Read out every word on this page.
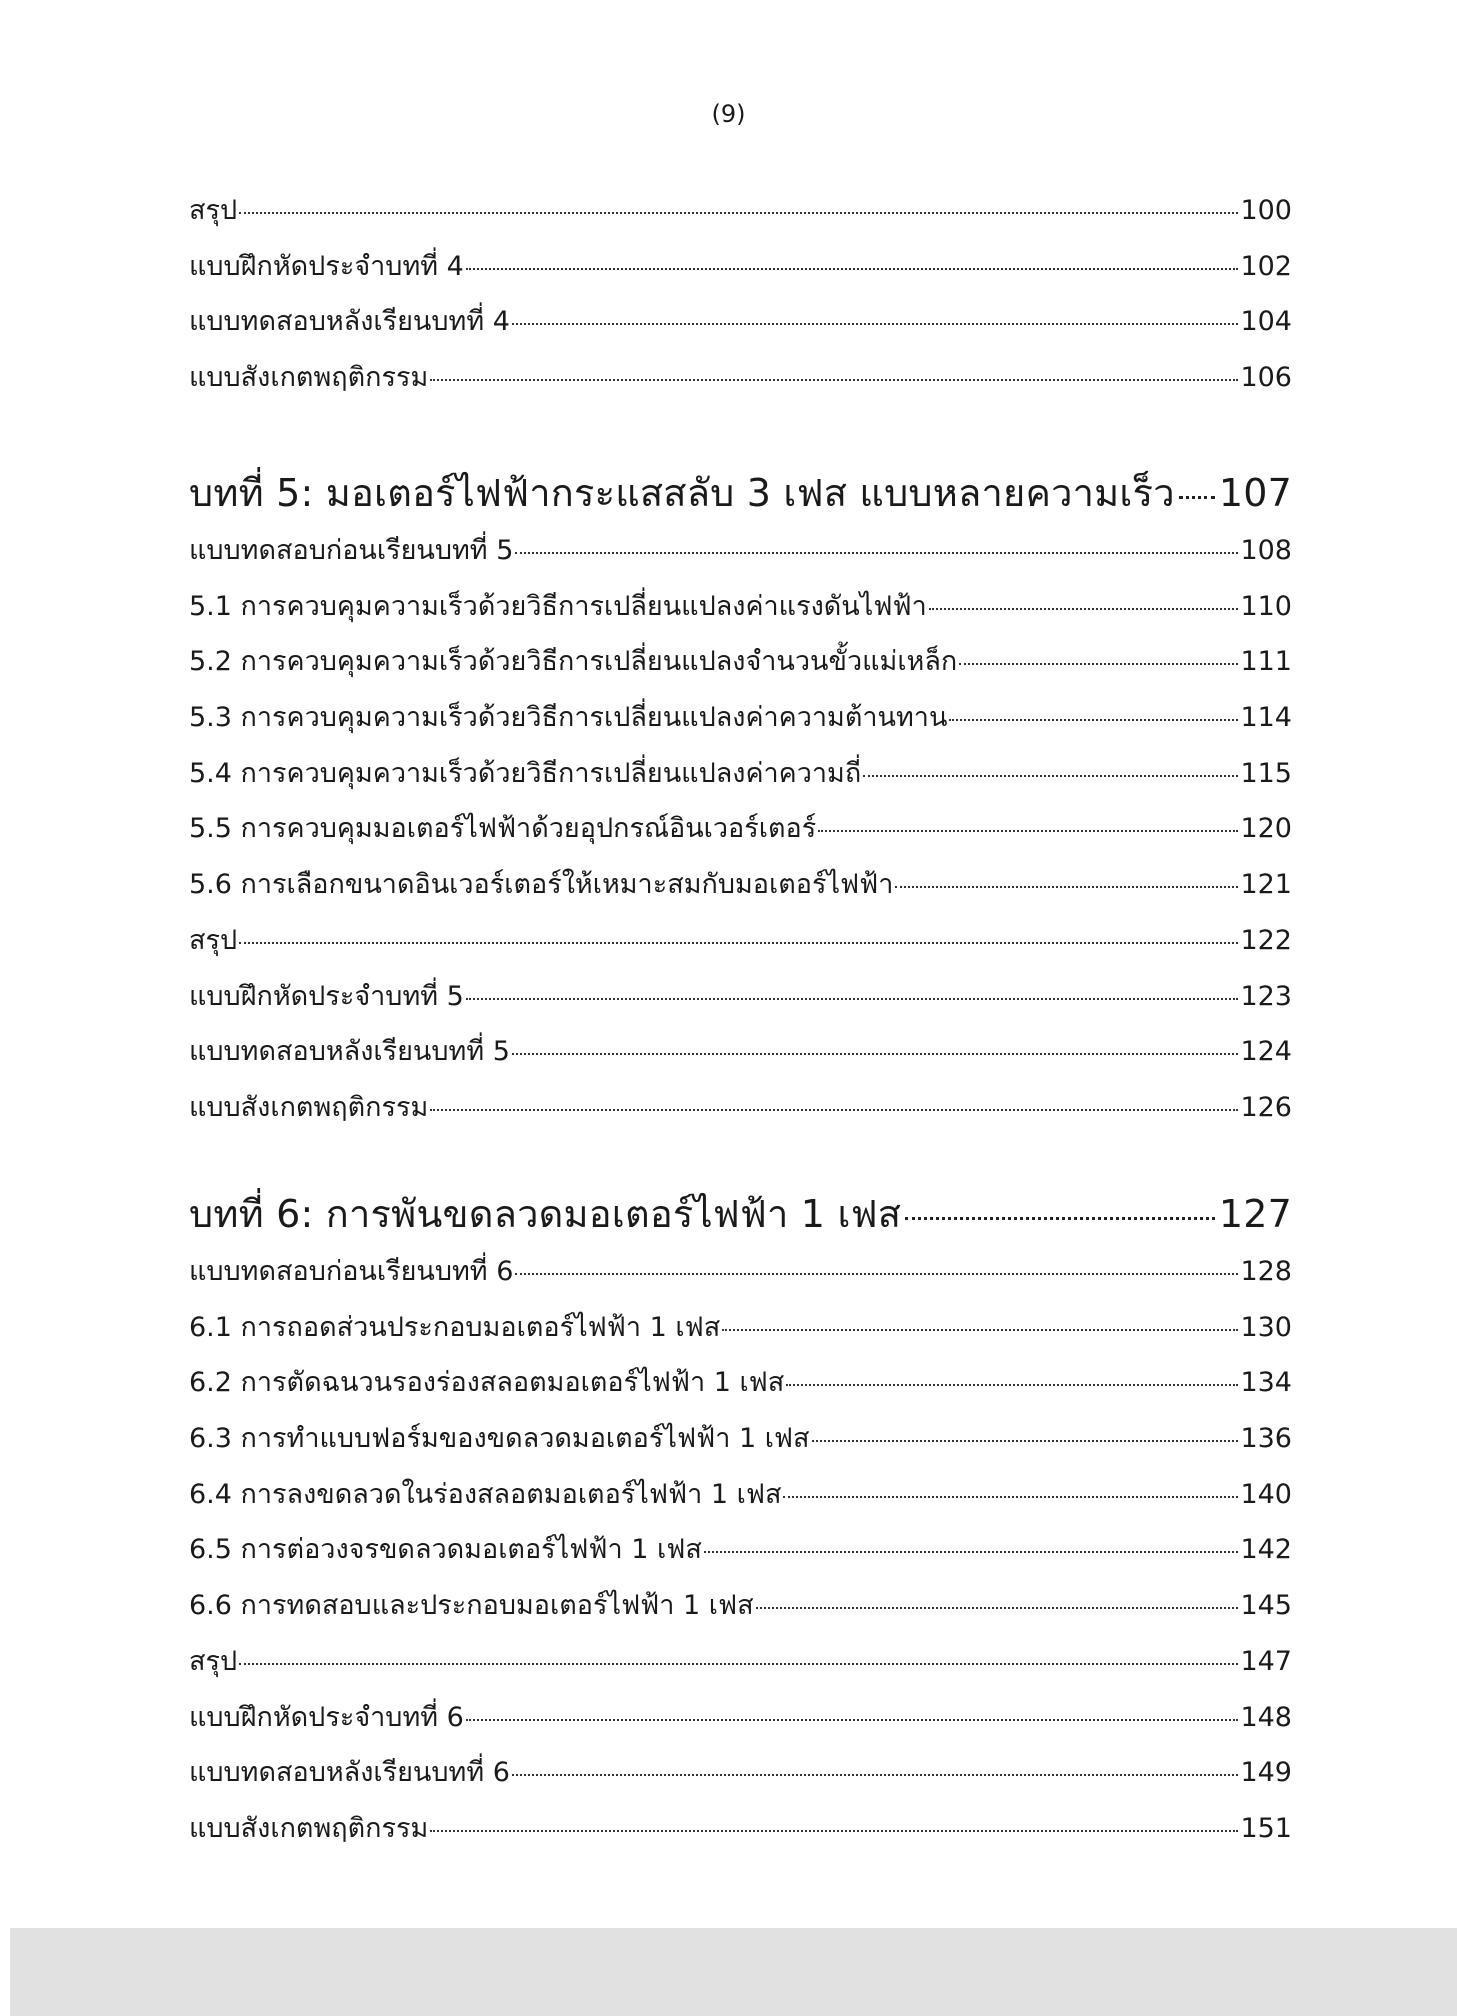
(9)
สรุป	100
แบบฝึกหัดประจำบทที่ 4	102
แบบทดสอบหลังเรียนบทที่ 4	104
แบบสังเกตพฤติกรรม	106
บทที่ 5: มอเตอร์ไฟฟ้ากระแสสลับ 3 เฟส แบบหลายความเร็ว 107
แบบทดสอบก่อนเรียนบทที่ 5	108
5.1 การควบคุมความเร็วด้วยวิธีการเปลี่ยนแปลงค่าแรงดันไฟฟ้า	110
5.2 การควบคุมความเร็วด้วยวิธีการเปลี่ยนแปลงจำนวนขั้วแม่เหล็ก	111
5.3 การควบคุมความเร็วด้วยวิธีการเปลี่ยนแปลงค่าความต้านทาน	114
5.4 การควบคุมความเร็วด้วยวิธีการเปลี่ยนแปลงค่าความถี่	115
5.5 การควบคุมมอเตอร์ไฟฟ้าด้วยอุปกรณ์อินเวอร์เตอร์	120
5.6 การเลือกขนาดอินเวอร์เตอร์ให้เหมาะสมกับมอเตอร์ไฟฟ้า	121
สรุป	122
แบบฝึกหัดประจำบทที่ 5	123
แบบทดสอบหลังเรียนบทที่ 5	124
แบบสังเกตพฤติกรรม	126
บทที่ 6: การพันขดลวดมอเตอร์ไฟฟ้า 1 เฟส	127
แบบทดสอบก่อนเรียนบทที่ 6	128
6.1 การถอดส่วนประกอบมอเตอร์ไฟฟ้า 1 เฟส	130
6.2 การตัดฉนวนรองร่องสลอตมอเตอร์ไฟฟ้า 1 เฟส	134
6.3 การทำแบบฟอร์มของขดลวดมอเตอร์ไฟฟ้า 1 เฟส	136
6.4 การลงขดลวดในร่องสลอตมอเตอร์ไฟฟ้า 1 เฟส	140
6.5 การต่อวงจรขดลวดมอเตอร์ไฟฟ้า 1 เฟส	142
6.6 การทดสอบและประกอบมอเตอร์ไฟฟ้า 1 เฟส	145
สรุป	147
แบบฝึกหัดประจำบทที่ 6	148
แบบทดสอบหลังเรียนบทที่ 6	149
แบบสังเกตพฤติกรรม	151
